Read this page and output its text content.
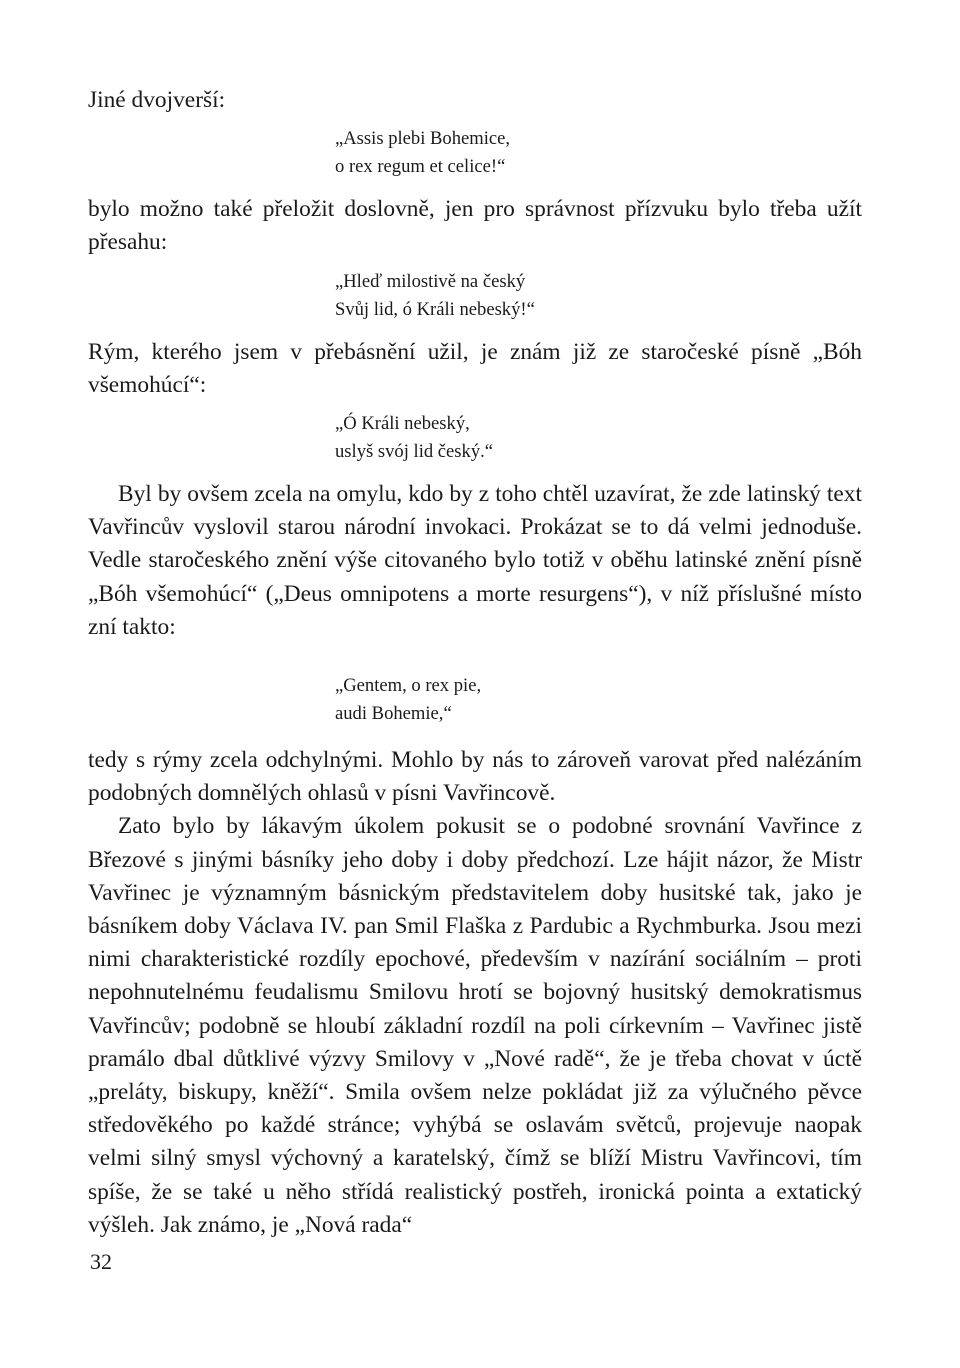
Jiné dvojverší:

„Assis plebi Bohemice,
o rex regum et celice!“

bylo možno také přeložit doslovně, jen pro správnost přízvuku bylo třeba užít přesahu:

„Hleď milostivě na český
Svůj lid, ó Králi nebeský!“

Rým, kterého jsem v přebásnění užil, je znám již ze staročeské písně „Bóh všemohúcí“:

„Ó Králi nebeský,
uslyš svój lid český.“

Byl by ovšem zcela na omylu, kdo by z toho chtěl uzavírat, že zde latinský text Vavřincův vyslovil starou národní invokaci. Prokázat se to dá velmi jednoduše. Vedle staročeského znění výše citovaného bylo totiž v oběhu latinské znění písně „Bóh všemohúcí“ („Deus omnipotens a morte resurgens“), v níž příslušné místo zní takto:

„Gentem, o rex pie,
audi Bohemie,“

tedy s rýmy zcela odchylnými. Mohlo by nás to zároveň varovat před nalézáním podobných domnělých ohlasů v písni Vavřincově.

Zato bylo by lákavým úkolem pokusit se o podobné srovnání Vavřince z Březové s jinými básníky jeho doby i doby předchozí. Lze hájit názor, že Mistr Vavřinec je významným básnickým představitelem doby husitské tak, jako je básníkem doby Václava IV. pan Smil Flaška z Pardubic a Rychmburka. Jsou mezi nimi charakteristické rozdíly epochové, především v nazírání sociálním – proti nepohnutelnému feudalismu Smilovu hrotí se bojovný husitský demokratismus Vavřincův; podobně se hloubí základní rozdíl na poli církevním – Vavřinec jistě pramálo dbal důtklivé výzvy Smilovy v „Nové radě“, že je třeba chovat v úctě „preláty, biskupy, kněží“. Smila ovšem nelze pokládat již za výlučného pěvce středověkého po každé stránce; vyhýbá se oslavám světců, projevuje naopak velmi silný smysl výchovný a karatelský, čímž se blíží Mistru Vavřincovi, tím spíše, že se také u něho střídá realistický postřeh, ironická pointa a extatický výšleh. Jak známo, je „Nová rada“

32
